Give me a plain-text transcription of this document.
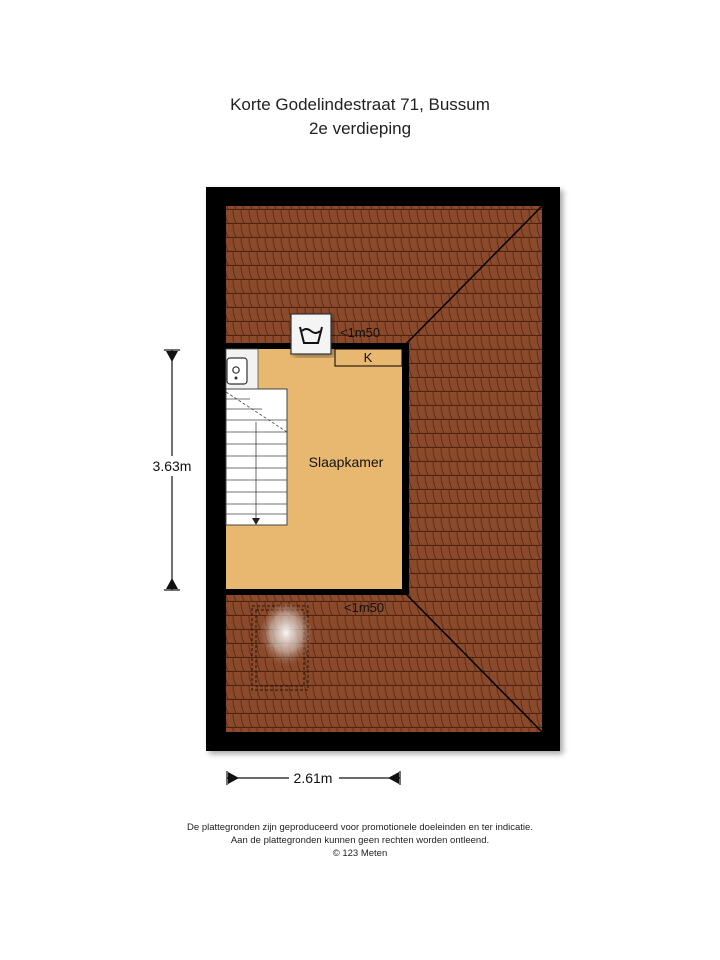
Korte Godelindestraat 71, Bussum
2e verdieping
K
Slaapkamer
<1m50
<1m50
3.63m
2.61m
De plattegronden zijn geproduceerd voor promotionele doeleinden en ter indicatie.
Aan de plattegronden kunnen geen rechten worden ontleend.
© 123 Meten
